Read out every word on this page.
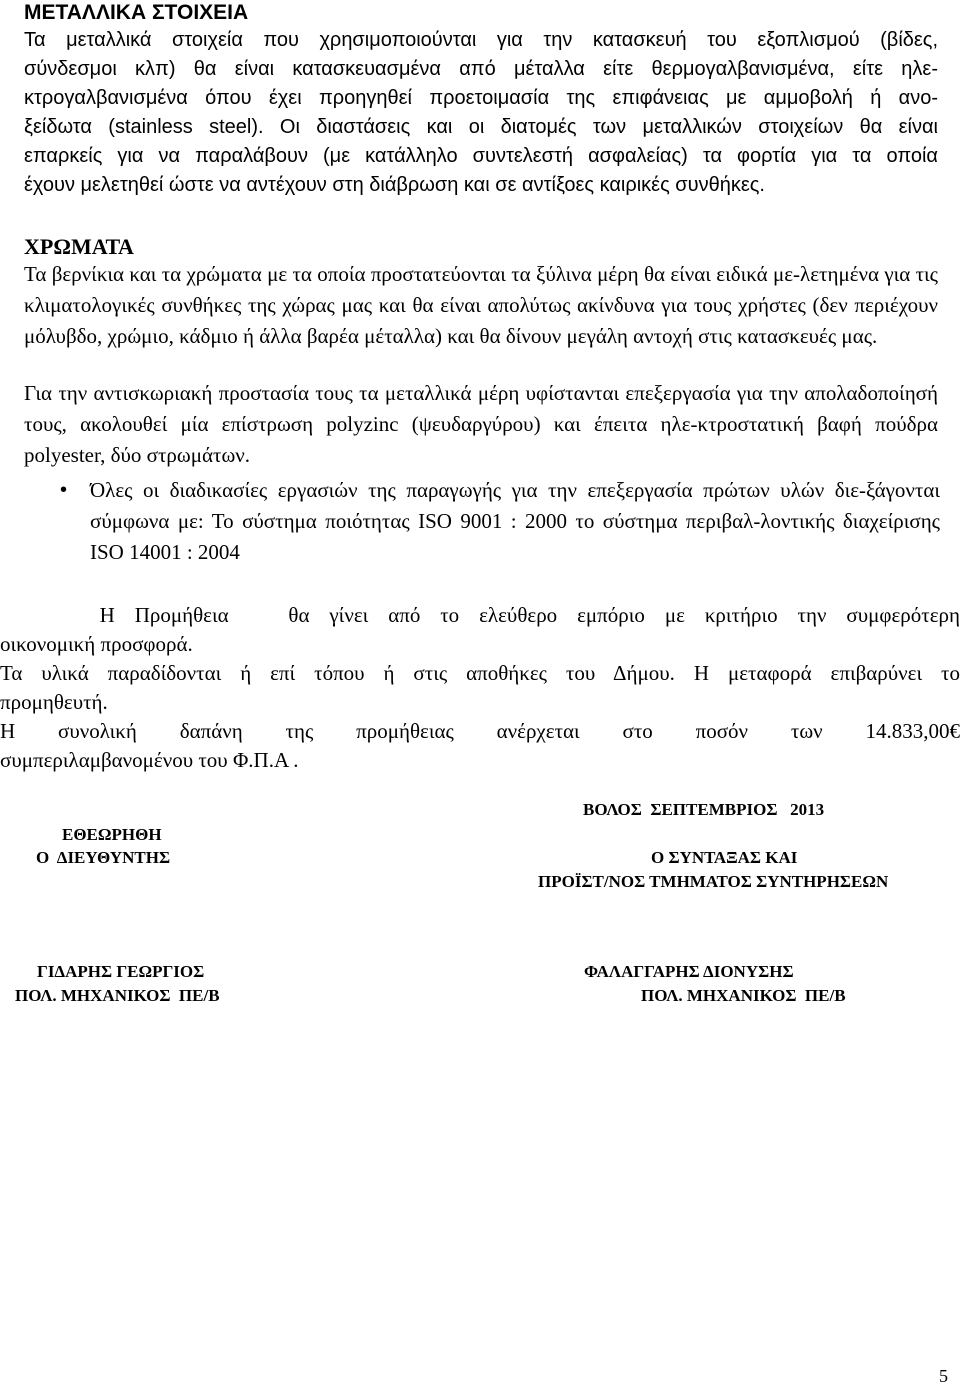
ΜΕΤΑΛΛΙΚΑ ΣΤΟΙΧΕΙΑ
Τα μεταλλικά στοιχεία που χρησιμοποιούνται για την κατασκευή του εξοπλισμού (βίδες,
σύνδεσμοι κλπ) θα είναι κατασκευασμένα από μέταλλα είτε θερμογαλβανισμένα, είτε ηλε-
κτρογαλβανισμένα όπου έχει προηγηθεί προετοιμασία της επιφάνειας με αμμοβολή ή ανο-
ξείδωτα (stainless steel). Οι διαστάσεις και οι διατομές των μεταλλικών στοιχείων θα είναι
επαρκείς για να παραλάβουν (με κατάλληλο συντελεστή ασφαλείας) τα φορτία για τα οποία
έχουν μελετηθεί ώστε να αντέχουν στη διάβρωση και σε αντίξοες καιρικές συνθήκες.
ΧΡΩΜΑΤΑ

Τα βερνίκια και τα χρώματα με τα οποία προστατεύονται τα ξύλινα μέρη θα είναι ειδικά με-λετημένα για τις κλιματολογικές συνθήκες της χώρας μας και θα είναι απολύτως ακίνδυνα για τους χρήστες (δεν περιέχουν μόλυβδο, χρώμιο, κάδμιο ή άλλα βαρέα μέταλλα) και θα δίνουν μεγάλη αντοχή στις κατασκευές μας.

Για την αντισκωριακή προστασία τους τα μεταλλικά μέρη υφίστανται επεξεργασία για την απολαδοποίησή τους, ακολουθεί μία επίστρωση polyzinc (ψευδαργύρου) και έπειτα ηλε-κτροστατική βαφή πούδρα polyester, δύο στρωμάτων.

• Όλες οι διαδικασίες εργασιών της παραγωγής για την επεξεργασία πρώτων υλών διε-ξάγονται σύμφωνα με: Το σύστημα ποιότητας ISO 9001 : 2000 το σύστημα περιβαλ-λοντικής διαχείρισης ISO 14001 : 2004

Η Προμήθεια   θα γίνει από το ελεύθερο εμπόριο με κριτήριο την συμφερότερη

οικονομική προσφορά.

Τα υλικά παραδίδονται ή επί τόπου ή στις αποθήκες του Δήμου. Η μεταφορά επιβαρύνει το

προμηθευτή.

Η συνολική δαπάνη της προμήθειας ανέρχεται στο ποσόν των 14.833,00€

συμπεριλαμβανομένου του Φ.Π.Α .

ΒΟΛΟΣ  ΣΕΠΤΕΜΒΡΙΟΣ   2013
ΕΘΕΩΡΗΘΗ
Ο  ΔΙΕΥΘΥΝΤΗΣ	Ο ΣΥΝΤΑΞΑΣ ΚΑΙ
ΠΡΟΪΣΤ/ΝΟΣ ΤΜΗΜΑΤΟΣ ΣΥΝΤΗΡΗΣΕΩΝ
ΓΙΔΑΡΗΣ ΓΕΩΡΓΙΟΣ
ΠΟΛ. ΜΗΧΑΝΙΚΟΣ  ΠΕ/Β
ΦΑΛΑΓΓΑΡΗΣ ΔΙΟΝΥΣΗΣ
ΠΟΛ. ΜΗΧΑΝΙΚΟΣ  ΠΕ/Β
5
